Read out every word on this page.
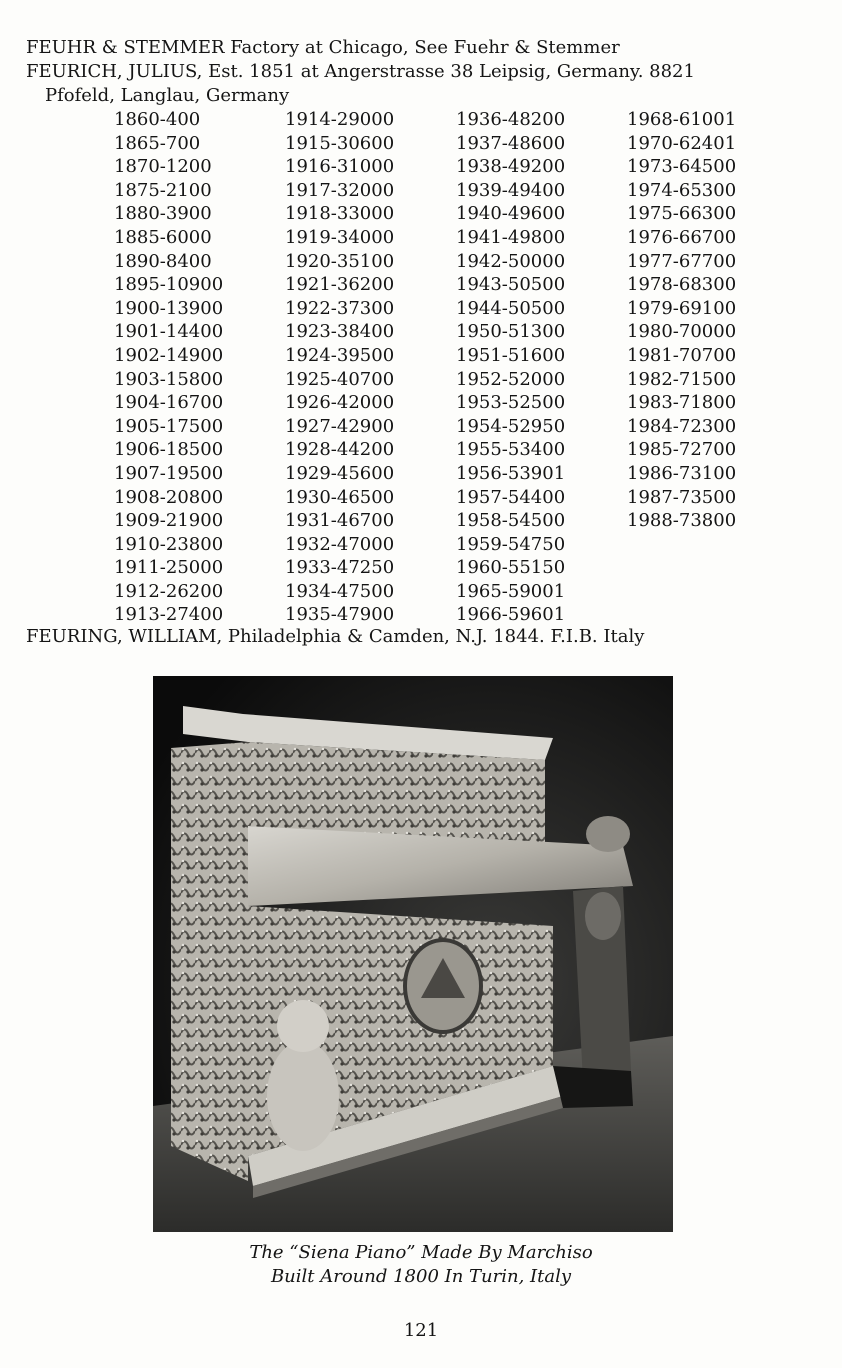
FEUHR & STEMMER Factory at Chicago, See Fuehr & Stemmer
FEURICH, JULIUS, Est. 1851 at Angerstrasse 38 Leipsig, Germany. 8821
Pfofeld, Langlau, Germany
1860-400
1865-700
1870-1200
1875-2100
1880-3900
1885-6000
1890-8400
1895-10900
1900-13900
1901-14400
1902-14900
1903-15800
1904-16700
1905-17500
1906-18500
1907-19500
1908-20800
1909-21900
1910-23800
1911-25000
1912-26200
1913-27400
1914-29000
1915-30600
1916-31000
1917-32000
1918-33000
1919-34000
1920-35100
1921-36200
1922-37300
1923-38400
1924-39500
1925-40700
1926-42000
1927-42900
1928-44200
1929-45600
1930-46500
1931-46700
1932-47000
1933-47250
1934-47500
1935-47900
1936-48200
1937-48600
1938-49200
1939-49400
1940-49600
1941-49800
1942-50000
1943-50500
1944-50500
1950-51300
1951-51600
1952-52000
1953-52500
1954-52950
1955-53400
1956-53901
1957-54400
1958-54500
1959-54750
1960-55150
1965-59001
1966-59601
1968-61001
1970-62401
1973-64500
1974-65300
1975-66300
1976-66700
1977-67700
1978-68300
1979-69100
1980-70000
1981-70700
1982-71500
1983-71800
1984-72300
1985-72700
1986-73100
1987-73500
1988-73800
FEURING, WILLIAM, Philadelphia & Camden, N.J. 1844. F.I.B. Italy
The “Siena Piano” Made By Marchiso
Built Around 1800 In Turin, Italy
121
